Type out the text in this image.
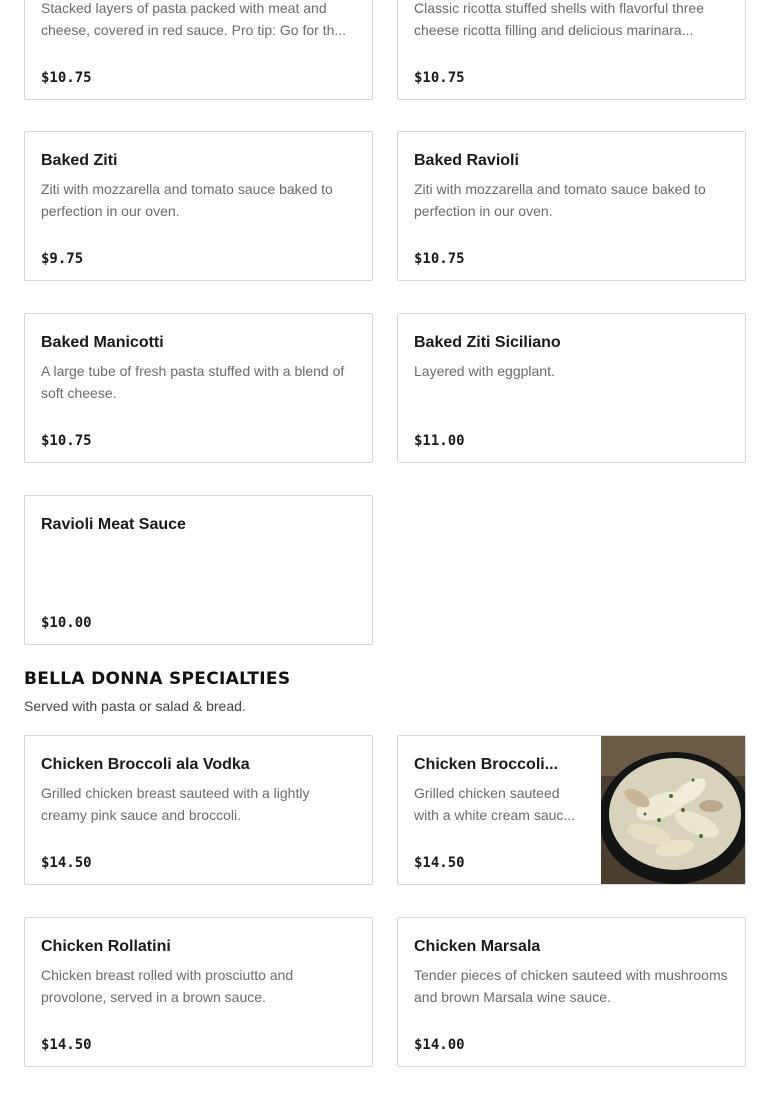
Stacked layers of pasta packed with meat and cheese, covered in red sauce. Pro tip: Go for th...
$10.75
Classic ricotta stuffed shells with flavorful three cheese ricotta filling and delicious marinara...
$10.75
Baked Ziti
Ziti with mozzarella and tomato sauce baked to perfection in our oven.
$9.75
Baked Ravioli
Ziti with mozzarella and tomato sauce baked to perfection in our oven.
$10.75
Baked Manicotti
A large tube of fresh pasta stuffed with a blend of soft cheese.
$10.75
Baked Ziti Siciliano
Layered with eggplant.
$11.00
Ravioli Meat Sauce
$10.00
BELLA DONNA SPECIALTIES
Served with pasta or salad & bread.
Chicken Broccoli ala Vodka
Grilled chicken breast sauteed with a lightly creamy pink sauce and broccoli.
$14.50
Chicken Broccoli...
Grilled chicken sauteed with a white cream sauc...
$14.50
Chicken Rollatini
Chicken breast rolled with prosciutto and provolone, served in a brown sauce.
$14.50
Chicken Marsala
Tender pieces of chicken sauteed with mushrooms and brown Marsala wine sauce.
$14.00
